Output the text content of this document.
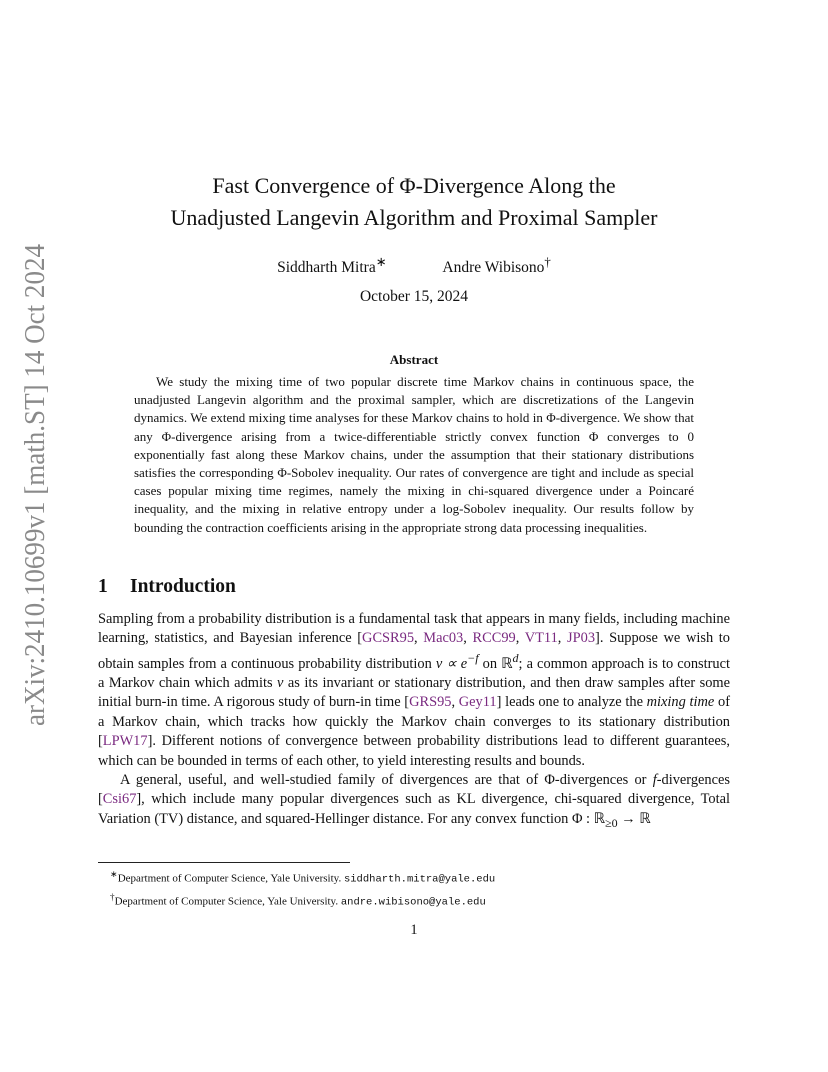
arXiv:2410.10699v1 [math.ST] 14 Oct 2024
Fast Convergence of Φ-Divergence Along the
Unadjusted Langevin Algorithm and Proximal Sampler
Siddharth Mitra∗	Andre Wibisono†
October 15, 2024
Abstract
We study the mixing time of two popular discrete time Markov chains in continuous space, the unadjusted Langevin algorithm and the proximal sampler, which are discretizations of the Langevin dynamics. We extend mixing time analyses for these Markov chains to hold in Φ-divergence. We show that any Φ-divergence arising from a twice-differentiable strictly convex function Φ converges to 0 exponentially fast along these Markov chains, under the assumption that their stationary distributions satisfies the corresponding Φ-Sobolev inequality. Our rates of convergence are tight and include as special cases popular mixing time regimes, namely the mixing in chi-squared divergence under a Poincaré inequality, and the mixing in relative entropy under a log-Sobolev inequality. Our results follow by bounding the contraction coefficients arising in the appropriate strong data processing inequalities.
1 Introduction

Sampling from a probability distribution is a fundamental task that appears in many fields, including machine learning, statistics, and Bayesian inference [GCSR95, Mac03, RCC99, VT11, JP03]. Suppose we wish to obtain samples from a continuous probability distribution $\nu \propto e^{-f}$ on ℝ$^d$; a common approach is to construct a Markov chain which admits ν as its invariant or stationary distribution, and then draw samples after some initial burn-in time. A rigorous study of burn-in time [GRS95, Gey11] leads one to analyze the mixing time of a Markov chain, which tracks how quickly the Markov chain converges to its stationary distribution [LPW17]. Different notions of convergence between probability distributions lead to different guarantees, which can be bounded in terms of each other, to yield interesting results and bounds.

A general, useful, and well-studied family of divergences are that of Φ-divergences or f-divergences [Csi67], which include many popular divergences such as KL divergence, chi-squared divergence, Total Variation (TV) distance, and squared-Hellinger distance. For any convex function Φ : ℝ$_{\ge 0}$ → ℝ

∗Department of Computer Science, Yale University. siddharth.mitra@yale.edu
†Department of Computer Science, Yale University. andre.wibisono@yale.edu
1
